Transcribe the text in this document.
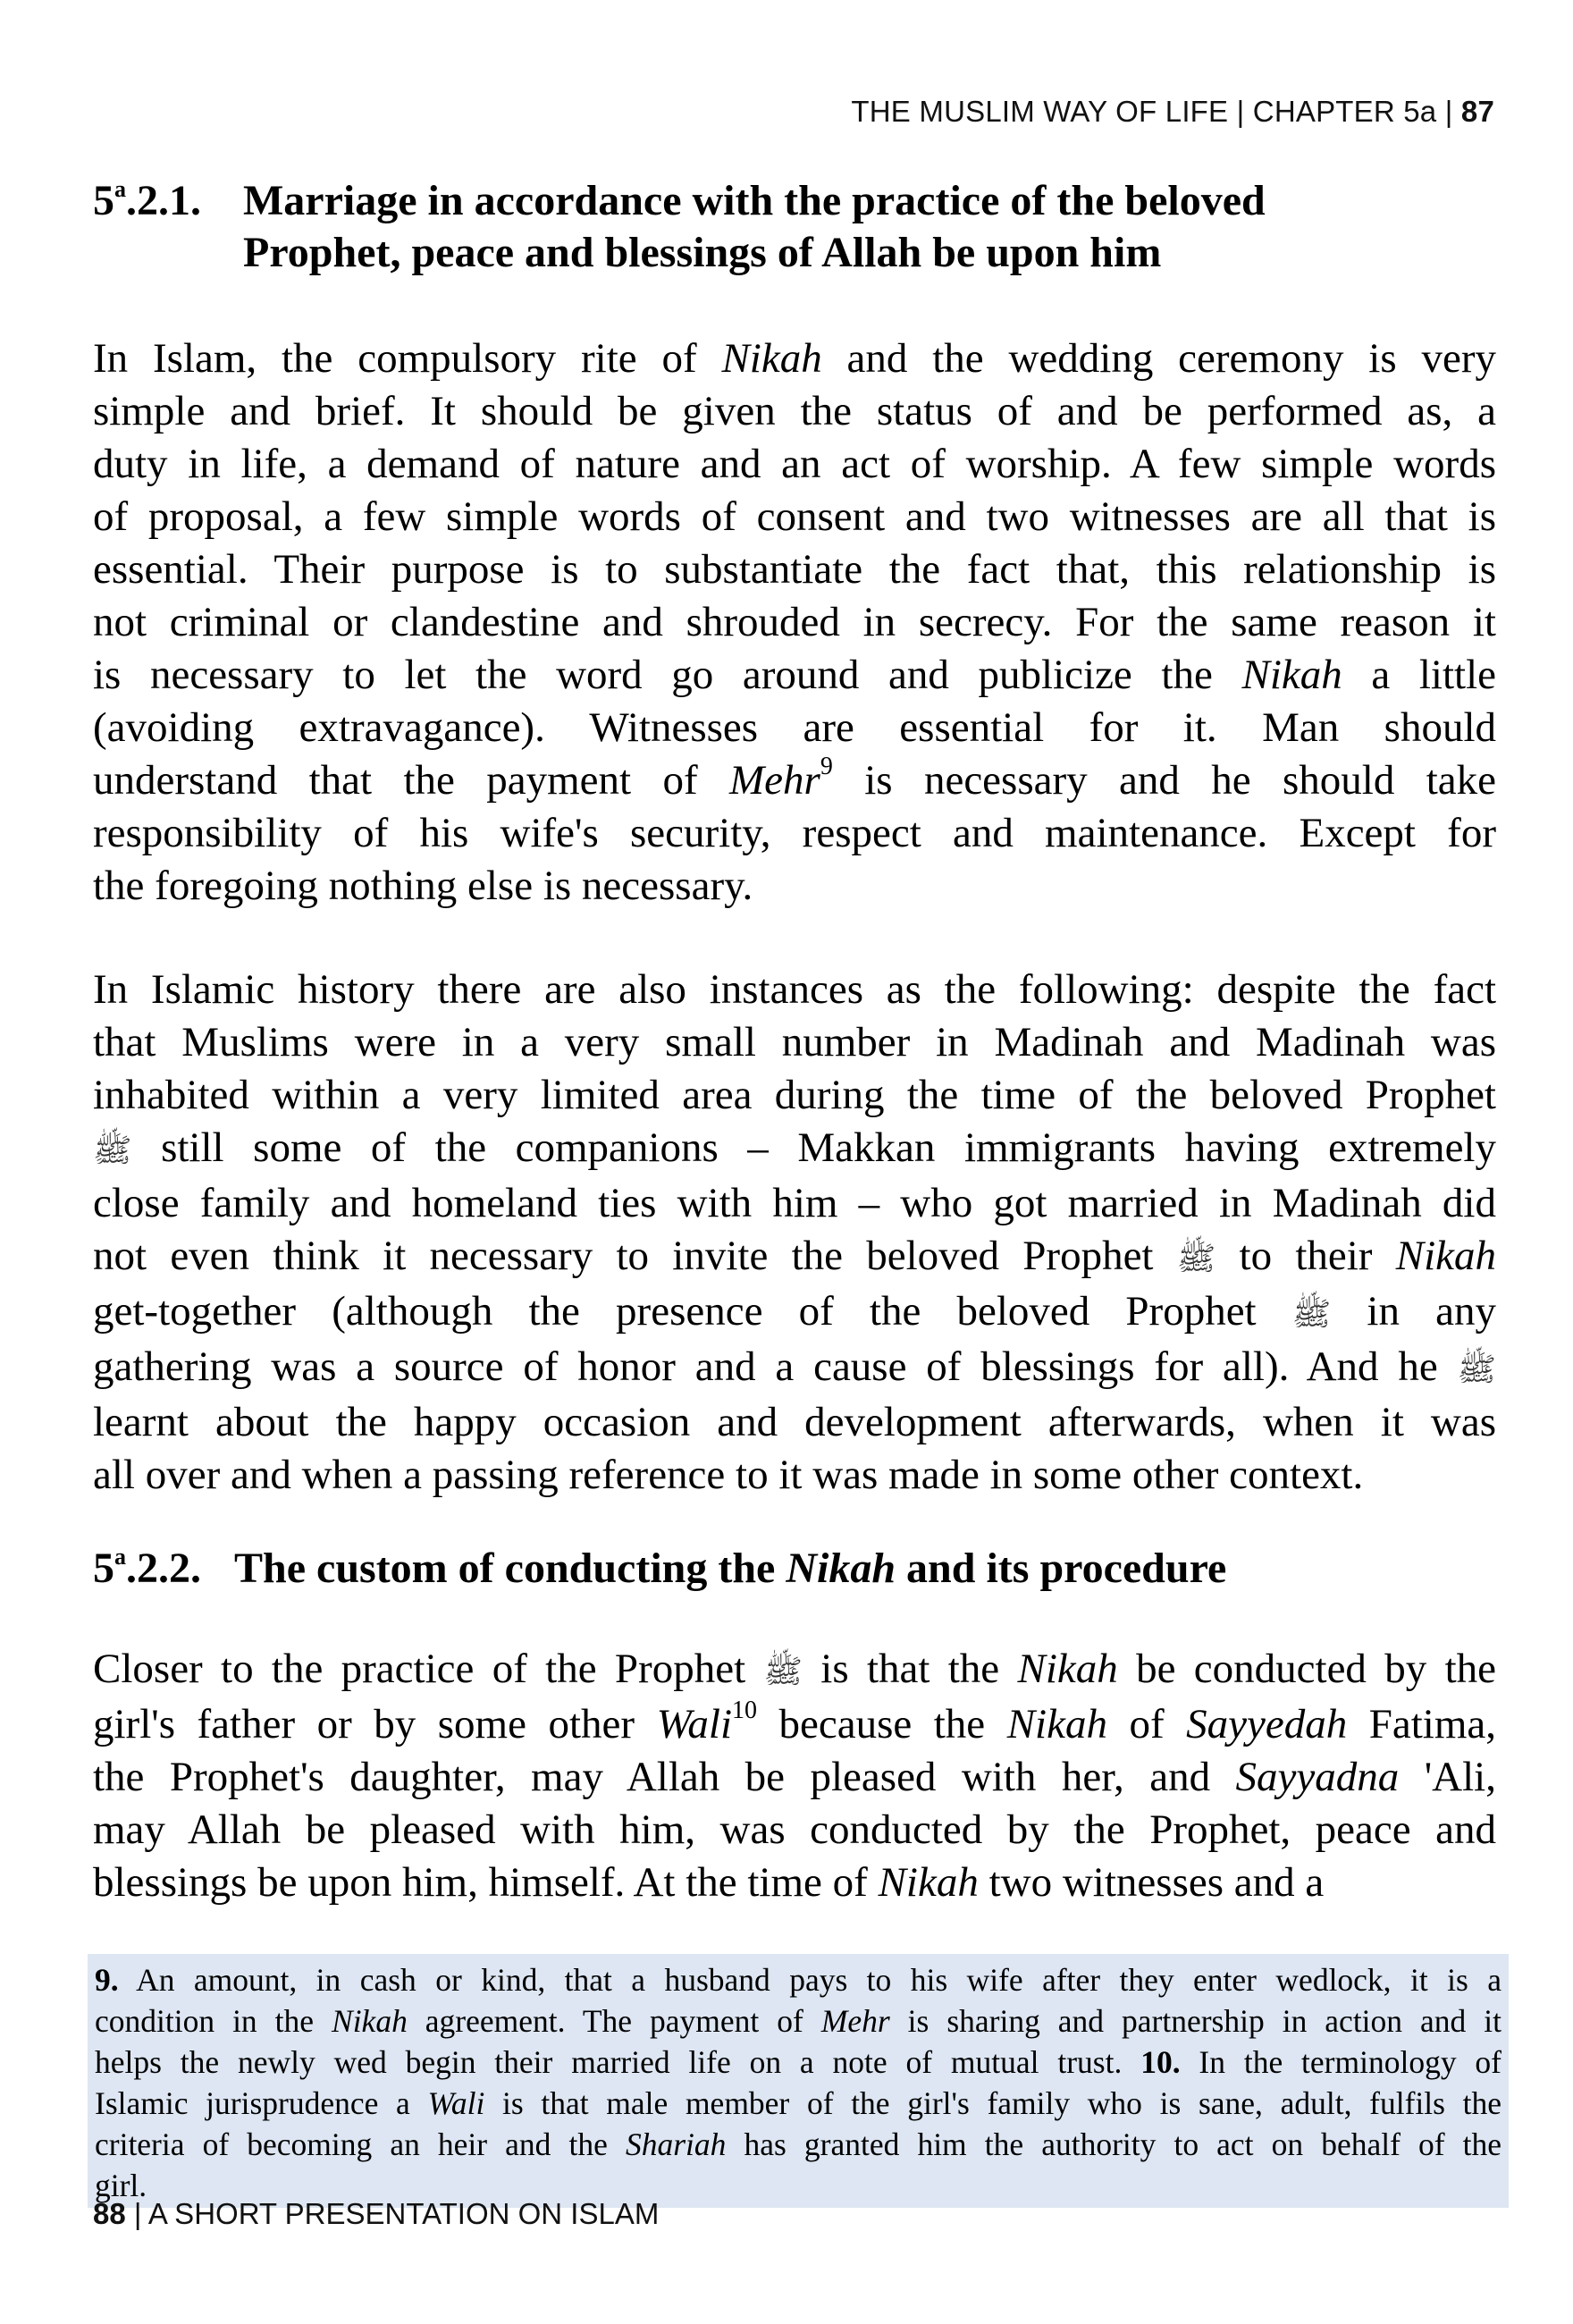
THE MUSLIM WAY OF LIFE | CHAPTER 5a | 87
5$^a$.2.1. Marriage in accordance with the practice of the beloved
Prophet, peace and blessings of Allah be upon him
In Islam, the compulsory rite of Nikah and the wedding ceremony is very
simple and brief. It should be given the status of and be performed as, a
duty in life, a demand of nature and an act of worship. A few simple words
of proposal, a few simple words of consent and two witnesses are all that is
essential. Their purpose is to substantiate the fact that, this relationship is
not criminal or clandestine and shrouded in secrecy. For the same reason it
is necessary to let the word go around and publicize the Nikah a little
(avoiding extravagance). Witnesses are essential for it. Man should
understand that the payment of Mehr$^9$ is necessary and he should take
responsibility of his wife's security, respect and maintenance. Except for
the foregoing nothing else is necessary.
In Islamic history there are also instances as the following: despite the fact
that Muslims were in a very small number in Madinah and Madinah was
inhabited within a very limited area during the time of the beloved Prophet
ﷺ still some of the companions – Makkan immigrants having extremely
close family and homeland ties with him – who got married in Madinah did
not even think it necessary to invite the beloved Prophet ﷺ to their Nikah
get-together (although the presence of the beloved Prophet ﷺ in any
gathering was a source of honor and a cause of blessings for all). And he ﷺ
learnt about the happy occasion and development afterwards, when it was
all over and when a passing reference to it was made in some other context.
5$^a$.2.2. The custom of conducting the Nikah and its procedure
Closer to the practice of the Prophet ﷺ is that the Nikah be conducted by the
girl's father or by some other Wali$^{10}$ because the Nikah of Sayyedah Fatima,
the Prophet's daughter, may Allah be pleased with her, and Sayyadna 'Ali,
may Allah be pleased with him, was conducted by the Prophet, peace and
blessings be upon him, himself. At the time of Nikah two witnesses and a
9. An amount, in cash or kind, that a husband pays to his wife after they enter wedlock, it is a
condition in the Nikah agreement. The payment of Mehr is sharing and partnership in action and it
helps the newly wed begin their married life on a note of mutual trust. 10. In the terminology of
Islamic jurisprudence a Wali is that male member of the girl's family who is sane, adult, fulfils the
criteria of becoming an heir and the Shariah has granted him the authority to act on behalf of the
girl.
88 | A SHORT PRESENTATION ON ISLAM
